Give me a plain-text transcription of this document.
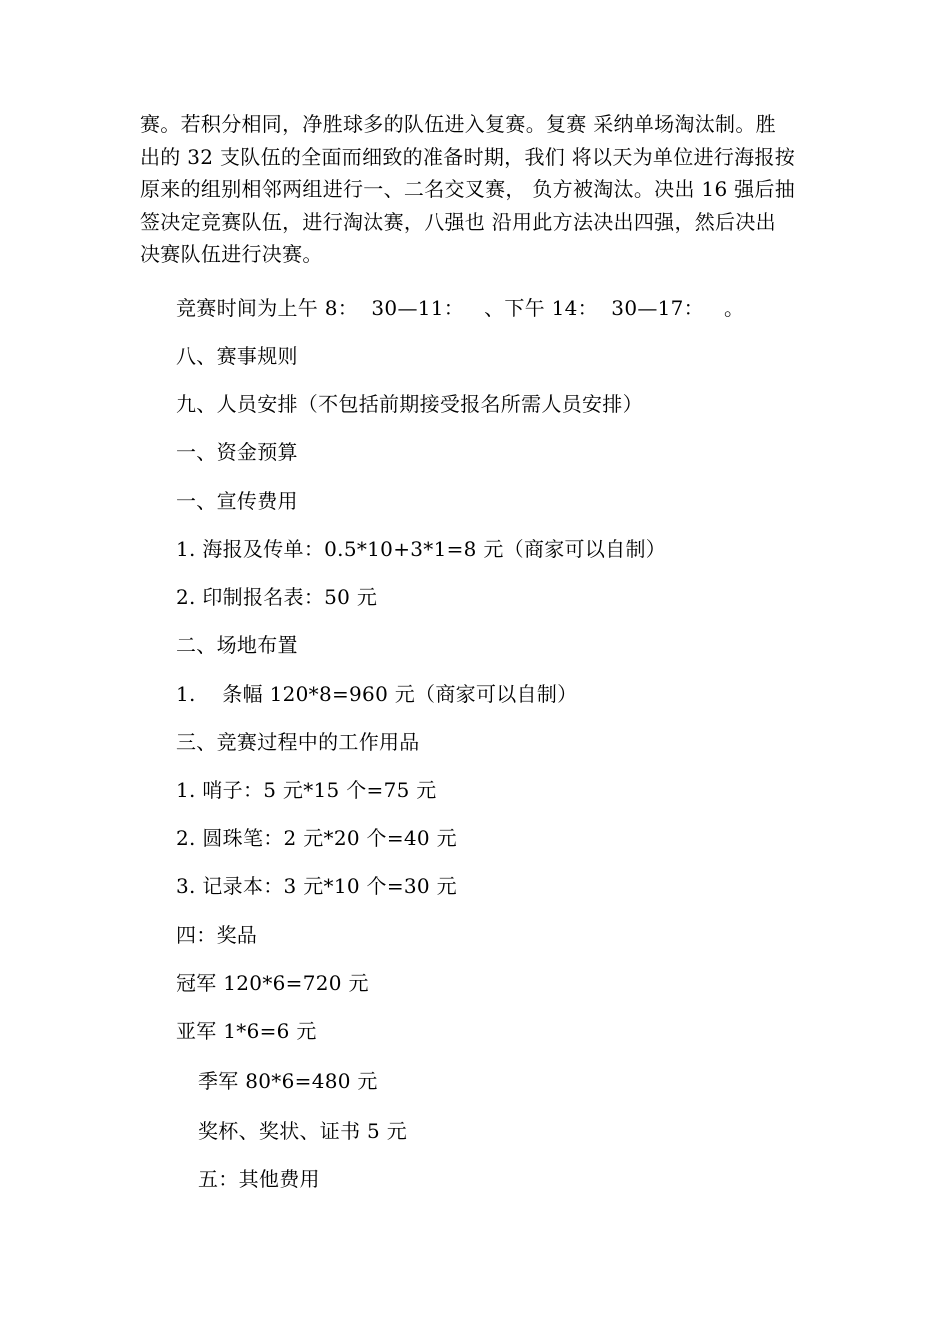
赛。若积分相同，净胜球多的队伍进入复赛。复赛 采纳单场淘汰制。胜
出的 32 支队伍的全面而细致的准备时期，我们 将以天为单位进行海报按
原来的组别相邻两组进行一、二名交叉赛， 负方被淘汰。决出 16 强后抽
签决定竞赛队伍，进行淘汰赛，八强也 沿用此方法决出四强，然后决出
决赛队伍进行决赛。
竞赛时间为上午 8：  30—11：   、下午 14：  30—17：   。
八、赛事规则
九、人员安排（不包括前期接受报名所需人员安排）
一、资金预算
一、宣传费用
1. 海报及传单：0.5*10+3*1=8 元（商家可以自制）
2. 印制报名表：50 元
二、场地布置
1.    条幅 120*8=960 元（商家可以自制）
三、竞赛过程中的工作用品
1. 哨子：5 元*15 个=75 元
2. 圆珠笔：2 元*20 个=40 元
3. 记录本：3 元*10 个=30 元
四：奖品
冠军 120*6=720 元
亚军 1*6=6 元
季军 80*6=480 元
奖杯、奖状、证书 5 元
五：其他费用
